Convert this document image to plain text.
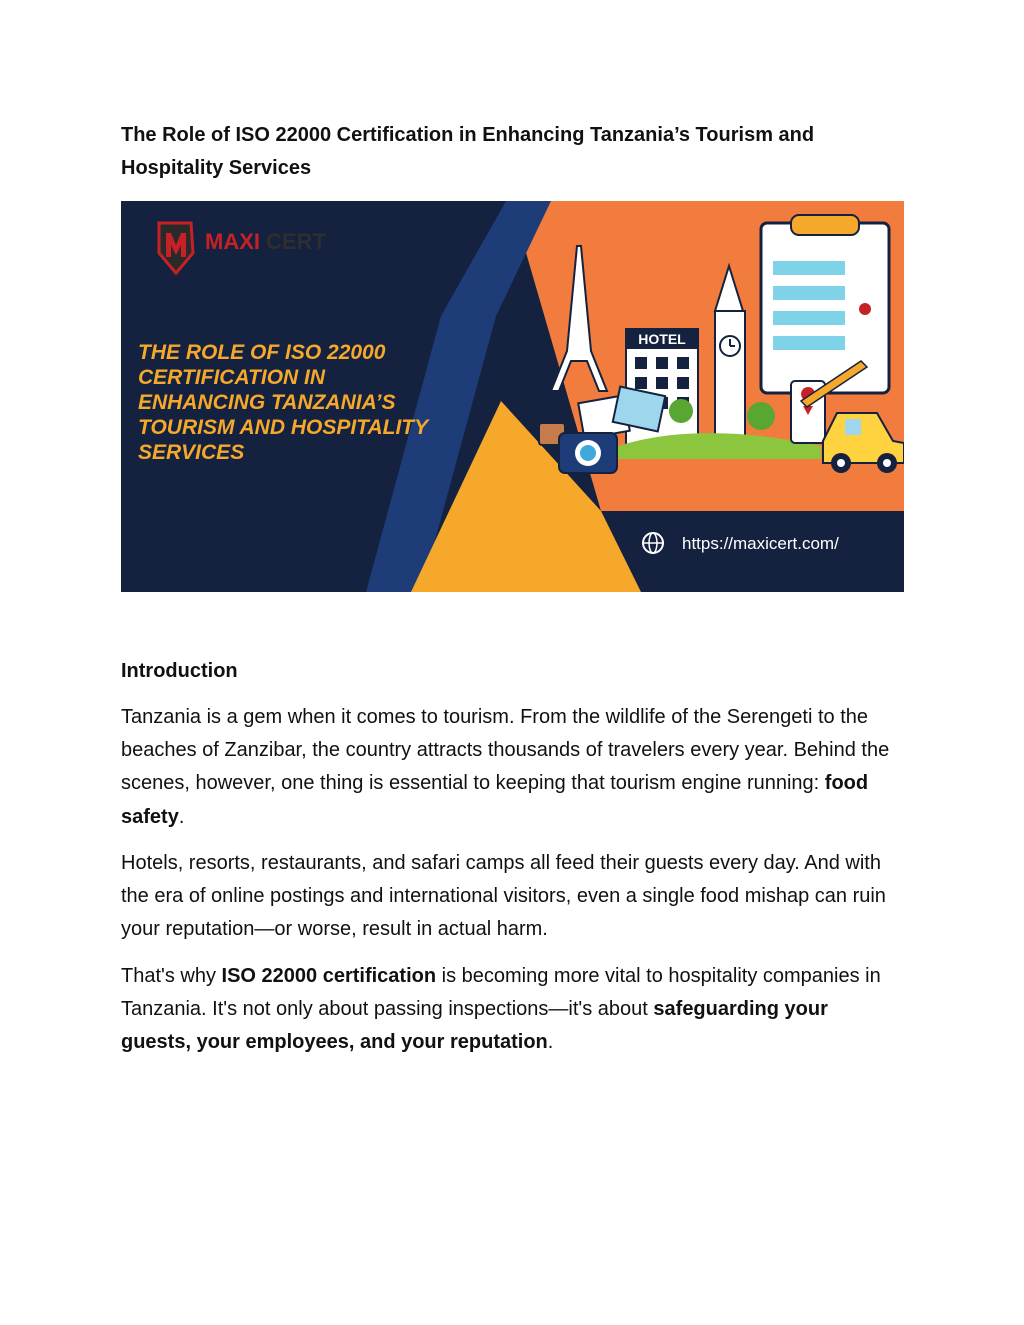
The Role of ISO 22000 Certification in Enhancing Tanzania’s Tourism and Hospitality Services
MAXI CERT
THE ROLE OF ISO 22000
CERTIFICATION IN
ENHANCING TANZANIA’S
TOURISM AND HOSPITALITY
SERVICES
HOTEL
https://maxicert.com/
Introduction

Tanzania is a gem when it comes to tourism. From the wildlife of the Serengeti to the beaches of Zanzibar, the country attracts thousands of travelers every year. Behind the scenes, however, one thing is essential to keeping that tourism engine running: food safety.

Hotels, resorts, restaurants, and safari camps all feed their guests every day. And with the era of online postings and international visitors, even a single food mishap can ruin your reputation—or worse, result in actual harm.

That's why ISO 22000 certification is becoming more vital to hospitality companies in Tanzania. It's not only about passing inspections—it's about safeguarding your guests, your employees, and your reputation.
